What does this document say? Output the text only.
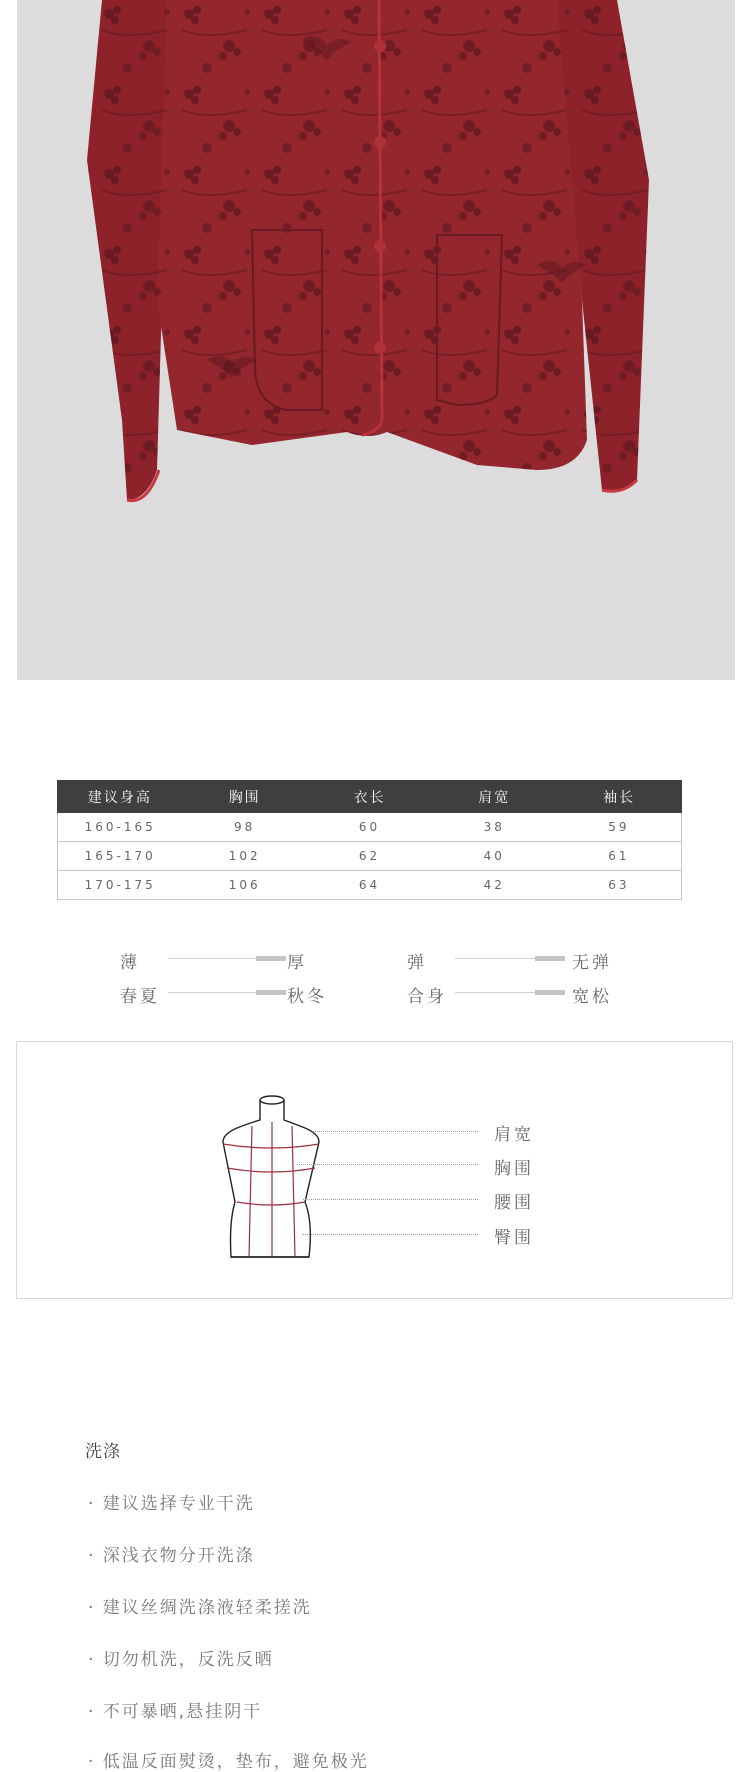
建议身高	胸围	衣长	肩宽	袖长
160-165	98	60	38	59
165-170	102	62	40	61
170-175	106	64	42	63
薄	厚	弹	无弹
春夏	秋冬	合身	宽松
肩宽
胸围
腰围
臀围
洗涤
· 建议选择专业干洗
· 深浅衣物分开洗涤
· 建议丝绸洗涤液轻柔搓洗
· 切勿机洗，反洗反晒
· 不可暴晒,悬挂阴干
· 低温反面熨烫，垫布，避免极光
